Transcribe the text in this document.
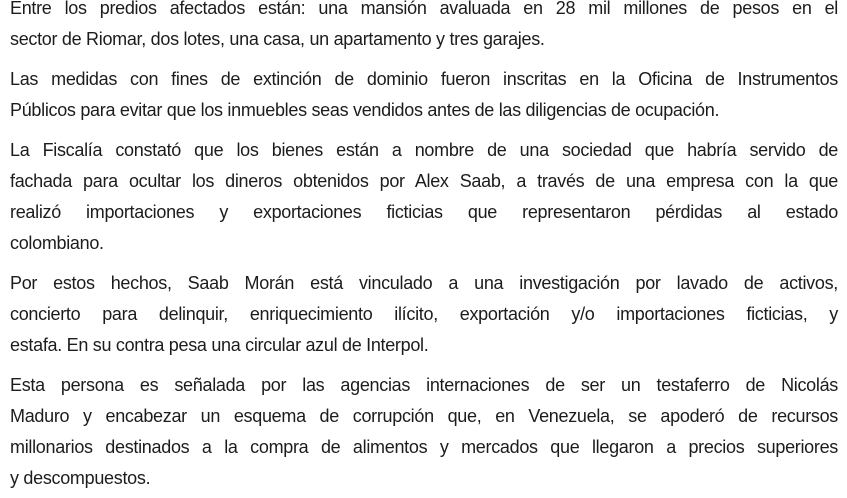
Entre los predios afectados están: una mansión avaluada en 28 mil millones de pesos en el
sector de Riomar, dos lotes, una casa, un apartamento y tres garajes.
Las medidas con fines de extinción de dominio fueron inscritas en la Oficina de Instrumentos
Públicos para evitar que los inmuebles seas vendidos antes de las diligencias de ocupación.
La Fiscalía constató que los bienes están a nombre de una sociedad que habría servido de
fachada para ocultar los dineros obtenidos por Alex Saab, a través de una empresa con la que
realizó importaciones y exportaciones ficticias que representaron pérdidas al estado
colombiano.
Por estos hechos, Saab Morán está vinculado a una investigación por lavado de activos,
concierto para delinquir, enriquecimiento ilícito, exportación y/o importaciones ficticias, y
estafa. En su contra pesa una circular azul de Interpol.
Esta persona es señalada por las agencias internaciones de ser un testaferro de Nicolás
Maduro y encabezar un esquema de corrupción que, en Venezuela, se apoderó de recursos
millonarios destinados a la compra de alimentos y mercados que llegaron a precios superiores
y descompuestos.
